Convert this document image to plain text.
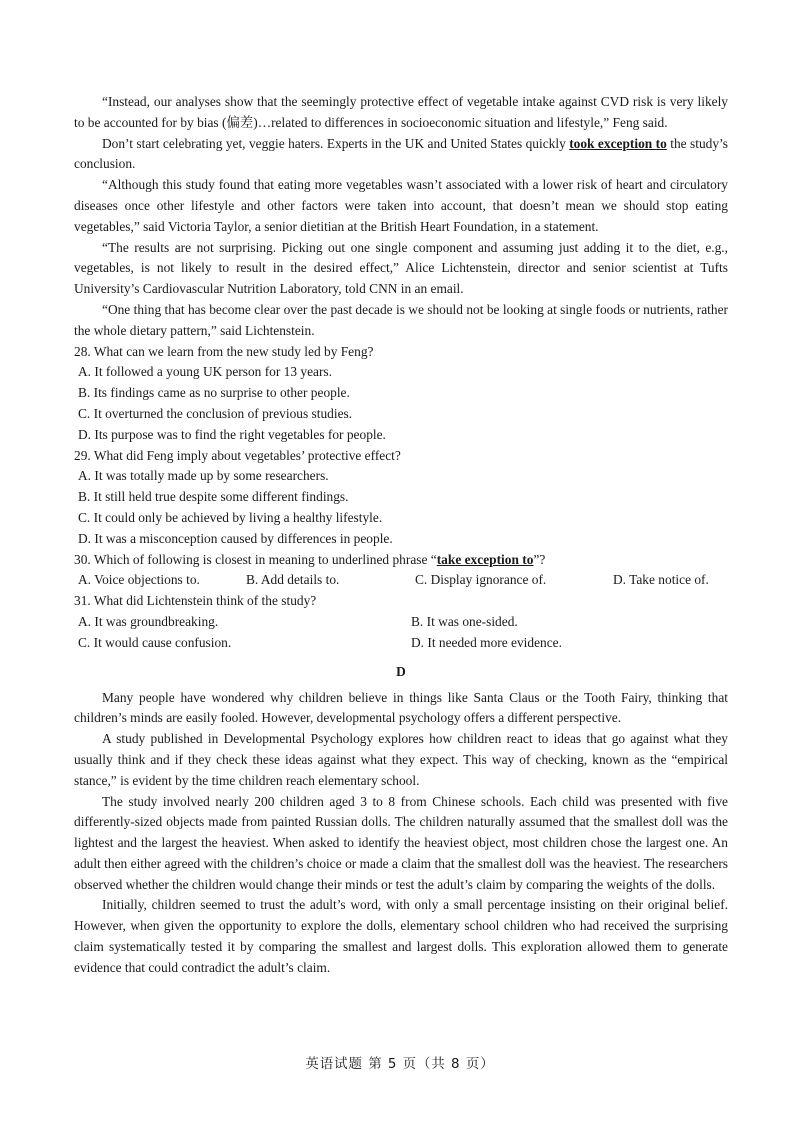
“Instead, our analyses show that the seemingly protective effect of vegetable intake against CVD risk is very likely to be accounted for by bias (偏差)…related to differences in socioeconomic situation and lifestyle,” Feng said.

Don’t start celebrating yet, veggie haters. Experts in the UK and United States quickly took exception to the study’s conclusion.

“Although this study found that eating more vegetables wasn’t associated with a lower risk of heart and circulatory diseases once other lifestyle and other factors were taken into account, that doesn’t mean we should stop eating vegetables,” said Victoria Taylor, a senior dietitian at the British Heart Foundation, in a statement.

“The results are not surprising. Picking out one single component and assuming just adding it to the diet, e.g., vegetables, is not likely to result in the desired effect,” Alice Lichtenstein, director and senior scientist at Tufts University’s Cardiovascular Nutrition Laboratory, told CNN in an email.

“One thing that has become clear over the past decade is we should not be looking at single foods or nutrients, rather the whole dietary pattern,” said Lichtenstein.

28. What can we learn from the new study led by Feng?

A. It followed a young UK person for 13 years.

B. Its findings came as no surprise to other people.

C. It overturned the conclusion of previous studies.

D. Its purpose was to find the right vegetables for people.

29. What did Feng imply about vegetables’ protective effect?

A. It was totally made up by some researchers.

B. It still held true despite some different findings.

C. It could only be achieved by living a healthy lifestyle.

D. It was a misconception caused by differences in people.

30. Which of following is closest in meaning to underlined phrase “take exception to”?

A. Voice objections to.	B. Add details to.	C. Display ignorance of.	D. Take notice of.

31. What did Lichtenstein think of the study?

A. It was groundbreaking.	B. It was one-sided.
C. It would cause confusion.	D. It needed more evidence.
D

Many people have wondered why children believe in things like Santa Claus or the Tooth Fairy, thinking that children’s minds are easily fooled. However, developmental psychology offers a different perspective.

A study published in Developmental Psychology explores how children react to ideas that go against what they usually think and if they check these ideas against what they expect. This way of checking, known as the “empirical stance,” is evident by the time children reach elementary school.

The study involved nearly 200 children aged 3 to 8 from Chinese schools. Each child was presented with five differently-sized objects made from painted Russian dolls. The children naturally assumed that the smallest doll was the lightest and the largest the heaviest. When asked to identify the heaviest object, most children chose the largest one. An adult then either agreed with the children’s choice or made a claim that the smallest doll was the heaviest. The researchers observed whether the children would change their minds or test the adult’s claim by comparing the weights of the dolls.

Initially, children seemed to trust the adult’s word, with only a small percentage insisting on their original belief. However, when given the opportunity to explore the dolls, elementary school children who had received the surprising claim systematically tested it by comparing the smallest and largest dolls. This exploration allowed them to generate evidence that could contradict the adult’s claim.

英语试题 第 5 页（共 8 页）
